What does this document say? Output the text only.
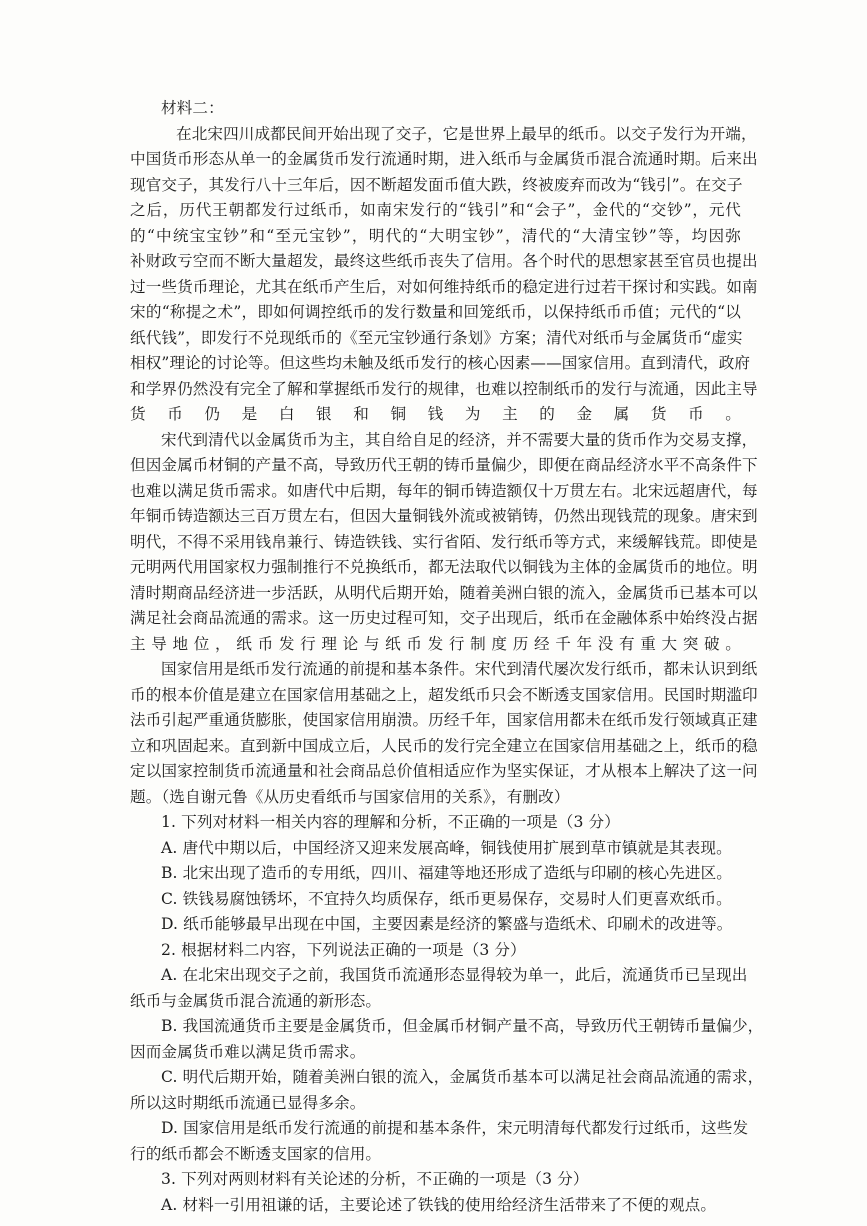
材料二：
在北宋四川成都民间开始出现了交子，它是世界上最早的纸币。以交子发行为开端，
中国货币形态从单一的金属货币发行流通时期，进入纸币与金属货币混合流通时期。后来出
现官交子，其发行八十三年后，因不断超发面币值大跌，终被废弃而改为“钱引”。在交子
之后，历代王朝都发行过纸币，如南宋发行的“钱引”和“会子”，金代的“交钞”，元代
的“中统宝宝钞”和“至元宝钞”，明代的“大明宝钞”，清代的“大清宝钞”等，均因弥
补财政亏空而不断大量超发，最终这些纸币丧失了信用。各个时代的思想家甚至官员也提出
过一些货币理论，尤其在纸币产生后，对如何维持纸币的稳定进行过若干探讨和实践。如南
宋的“称提之术”，即如何调控纸币的发行数量和回笼纸币，以保持纸币币值；元代的“以
纸代钱”，即发行不兑现纸币的《至元宝钞通行条划》方案；清代对纸币与金属货币“虚实
相权”理论的讨论等。但这些均未触及纸币发行的核心因素——国家信用。直到清代，政府
和学界仍然没有完全了解和掌握纸币发行的规律，也难以控制纸币的发行与流通，因此主导
货币仍是白银和铜钱为主的金属货币。
宋代到清代以金属货币为主，其自给自足的经济，并不需要大量的货币作为交易支撑，
但因金属币材铜的产量不高，导致历代王朝的铸币量偏少，即便在商品经济水平不高条件下
也难以满足货币需求。如唐代中后期，每年的铜币铸造额仅十万贯左右。北宋远超唐代，每
年铜币铸造额达三百万贯左右，但因大量铜钱外流或被销铸，仍然出现钱荒的现象。唐宋到
明代，不得不采用钱帛兼行、铸造铁钱、实行省陌、发行纸币等方式，来缓解钱荒。即使是
元明两代用国家权力强制推行不兑换纸币，都无法取代以铜钱为主体的金属货币的地位。明
清时期商品经济进一步活跃，从明代后期开始，随着美洲白银的流入，金属货币已基本可以
满足社会商品流通的需求。这一历史过程可知，交子出现后，纸币在金融体系中始终没占据
主导地位，纸币发行理论与纸币发行制度历经千年没有重大突破。
国家信用是纸币发行流通的前提和基本条件。宋代到清代屡次发行纸币，都未认识到纸
币的根本价值是建立在国家信用基础之上，超发纸币只会不断透支国家信用。民国时期滥印
法币引起严重通货膨胀，使国家信用崩溃。历经千年，国家信用都未在纸币发行领域真正建
立和巩固起来。直到新中国成立后，人民币的发行完全建立在国家信用基础之上，纸币的稳
定以国家控制货币流通量和社会商品总价值相适应作为坚实保证，才从根本上解决了这一问
题。（选自谢元鲁《从历史看纸币与国家信用的关系》，有删改）
1. 下列对材料一相关内容的理解和分析，不正确的一项是（3 分）
A. 唐代中期以后，中国经济又迎来发展高峰，铜钱使用扩展到草市镇就是其表现。
B. 北宋出现了造币的专用纸，四川、福建等地还形成了造纸与印刷的核心先进区。
C. 铁钱易腐蚀锈坏，不宜持久均质保存，纸币更易保存，交易时人们更喜欢纸币。
D. 纸币能够最早出现在中国，主要因素是经济的繁盛与造纸术、印刷术的改进等。
2. 根据材料二内容，下列说法正确的一项是（3 分）
A. 在北宋出现交子之前，我国货币流通形态显得较为单一，此后，流通货币已呈现出
纸币与金属货币混合流通的新形态。
B. 我国流通货币主要是金属货币，但金属币材铜产量不高，导致历代王朝铸币量偏少，
因而金属货币难以满足货币需求。
C. 明代后期开始，随着美洲白银的流入，金属货币基本可以满足社会商品流通的需求，
所以这时期纸币流通已显得多余。
D. 国家信用是纸币发行流通的前提和基本条件，宋元明清每代都发行过纸币，这些发
行的纸币都会不断透支国家的信用。
3. 下列对两则材料有关论述的分析，不正确的一项是（3 分）
A. 材料一引用祖谦的话，主要论述了铁钱的使用给经济生活带来了不便的观点。
